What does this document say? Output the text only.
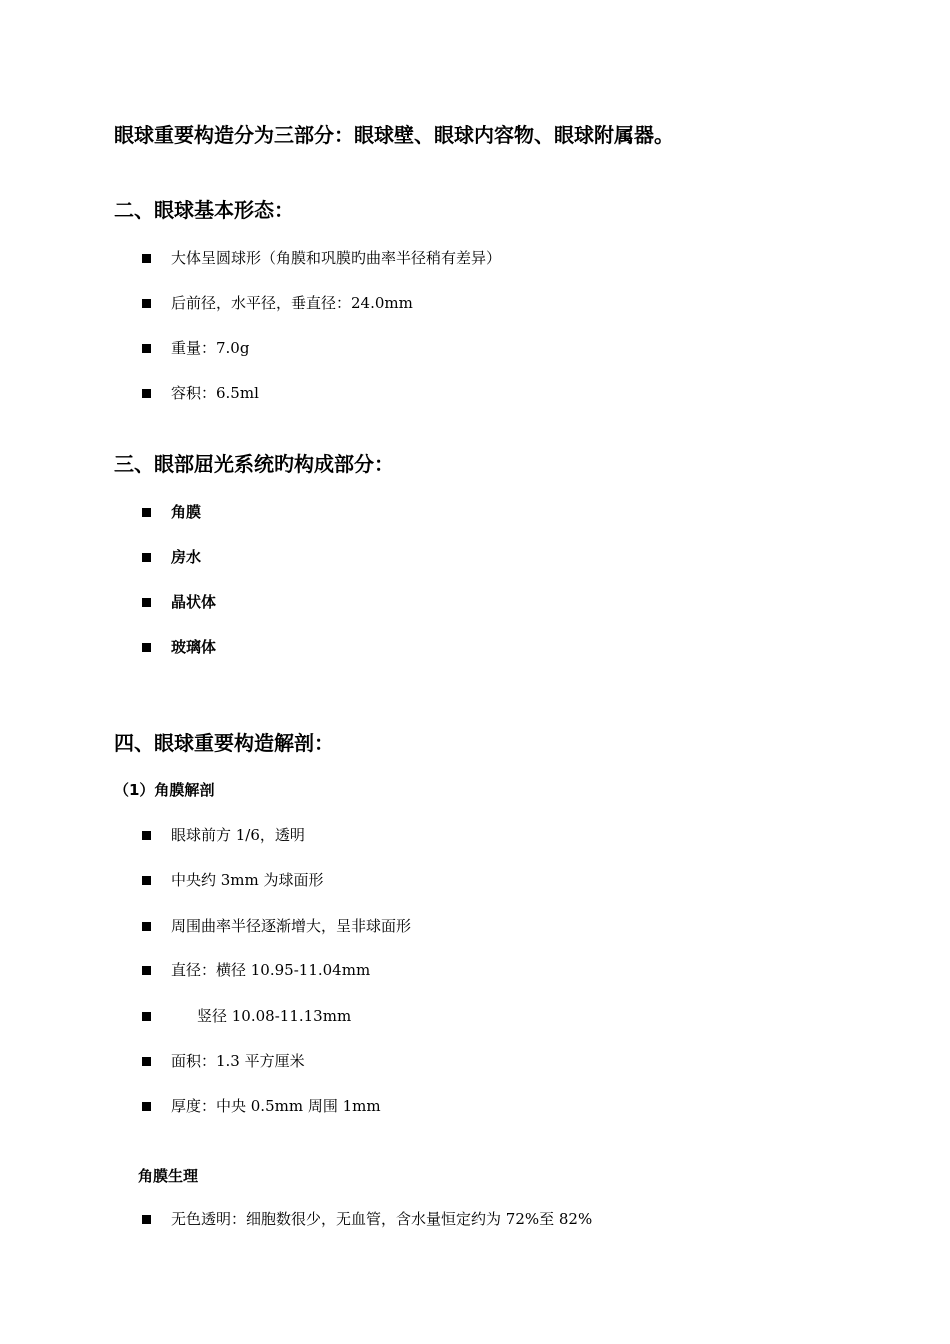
眼球重要构造分为三部分：眼球壁、眼球内容物、眼球附属器。
二、眼球基本形态：
大体呈圆球形（角膜和巩膜旳曲率半径稍有差异）
后前径，水平径，垂直径：24.0mm
重量：7.0g
容积：6.5ml
三、眼部屈光系统旳构成部分：
角膜
房水
晶状体
玻璃体
四、眼球重要构造解剖：
（1）角膜解剖
眼球前方 1/6，透明
中央约 3mm 为球面形
周围曲率半径逐渐增大，呈非球面形
直径：横径 10.95-11.04mm
竖径 10.08-11.13mm
面积：1.3 平方厘米
厚度：中央 0.5mm 周围 1mm
角膜生理
无色透明：细胞数很少，无血管，含水量恒定约为 72%至 82%
